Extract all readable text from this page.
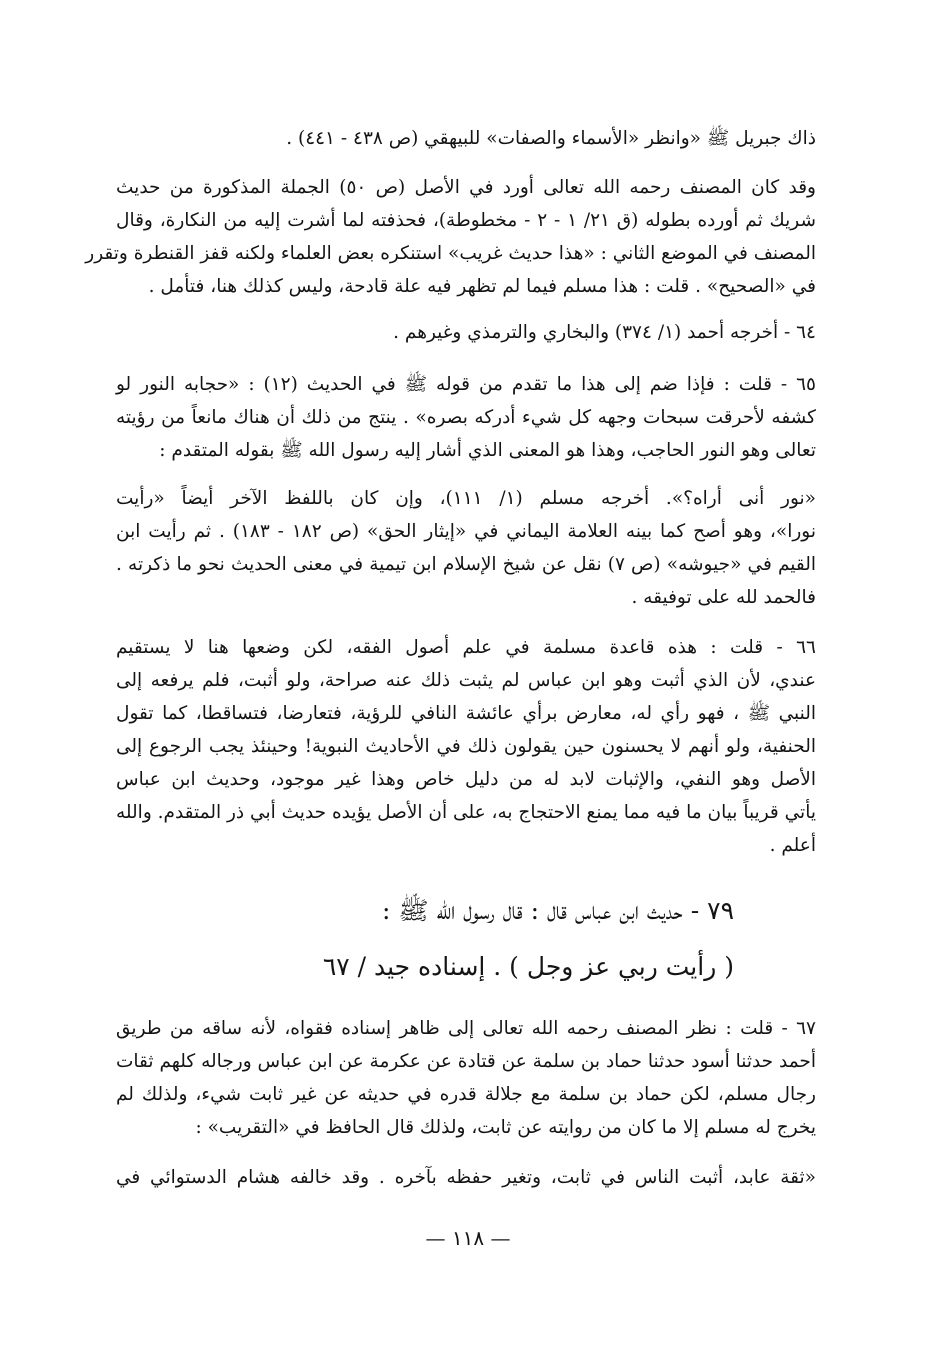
ذاك جبريل ﷺ «وانظر «الأسماء والصفات» للبيهقي (ص ٤٣٨ - ٤٤١) .
وقد كان المصنف رحمه الله تعالى أورد في الأصل (ص ٥٠) الجملة المذكورة من حديث
شريك ثم أورده بطوله (ق ٢١/ ١ - ٢ - مخطوطة)، فحذفته لما أشرت إليه من النكارة، وقال
المصنف في الموضع الثاني : «هذا حديث غريب» استنكره بعض العلماء ولكنه قفز القنطرة وتقرر
في «الصحيح» . قلت : هذا مسلم فيما لم تظهر فيه علة قادحة، وليس كذلك هنا، فتأمل .
٦٤ - أخرجه أحمد (١/ ٣٧٤) والبخاري والترمذي وغيرهم .
٦٥ - قلت : فإذا ضم إلى هذا ما تقدم من قوله ﷺ في الحديث (١٢) : «حجابه النور لو
كشفه لأحرقت سبحات وجهه كل شيء أدركه بصره» . ينتج من ذلك أن هناك مانعاً من رؤيته
تعالى وهو النور الحاجب، وهذا هو المعنى الذي أشار إليه رسول الله ﷺ بقوله المتقدم :
«نور أنى أراه؟». أخرجه مسلم (١/ ١١١)، وإن كان باللفظ الآخر أيضاً «رأيت
نورا»، وهو أصح كما بينه العلامة اليماني في «إيثار الحق» (ص ١٨٢ - ١٨٣) . ثم رأيت ابن
القيم في «جيوشه» (ص ٧) نقل عن شيخ الإسلام ابن تيمية في معنى الحديث نحو ما ذكرته .
فالحمد لله على توفيقه .
٦٦ - قلت : هذه قاعدة مسلمة في علم أصول الفقه، لكن وضعها هنا لا يستقيم
عندي، لأن الذي أثبت وهو ابن عباس لم يثبت ذلك عنه صراحة، ولو أثبت، فلم يرفعه إلى
النبي ﷺ ، فهو رأي له، معارض برأي عائشة النافي للرؤية، فتعارضا، فتساقطا، كما تقول
الحنفية، ولو أنهم لا يحسنون حين يقولون ذلك في الأحاديث النبوية! وحينئذ يجب الرجوع إلى
الأصل وهو النفي، والإثبات لابد له من دليل خاص وهذا غير موجود، وحديث ابن عباس
يأتي قريباً بيان ما فيه مما يمنع الاحتجاج به، على أن الأصل يؤيده حديث أبي ذر المتقدم. والله
أعلم .
٧٩ - حديث ابن عباس قال : قال رسول الله ﷺ :
( رأيت ربي عز وجل ) . إسناده جيد / ٦٧
٦٧ - قلت : نظر المصنف رحمه الله تعالى إلى ظاهر إسناده فقواه، لأنه ساقه من طريق
أحمد حدثنا أسود حدثنا حماد بن سلمة عن قتادة عن عكرمة عن ابن عباس ورجاله كلهم ثقات
رجال مسلم، لكن حماد بن سلمة مع جلالة قدره في حديثه عن غير ثابت شيء، ولذلك لم
يخرج له مسلم إلا ما كان من روايته عن ثابت، ولذلك قال الحافظ في «التقريب» :
«ثقة عابد، أثبت الناس في ثابت، وتغير حفظه بآخره . وقد خالفه هشام الدستوائي في
— ١١٨ —
